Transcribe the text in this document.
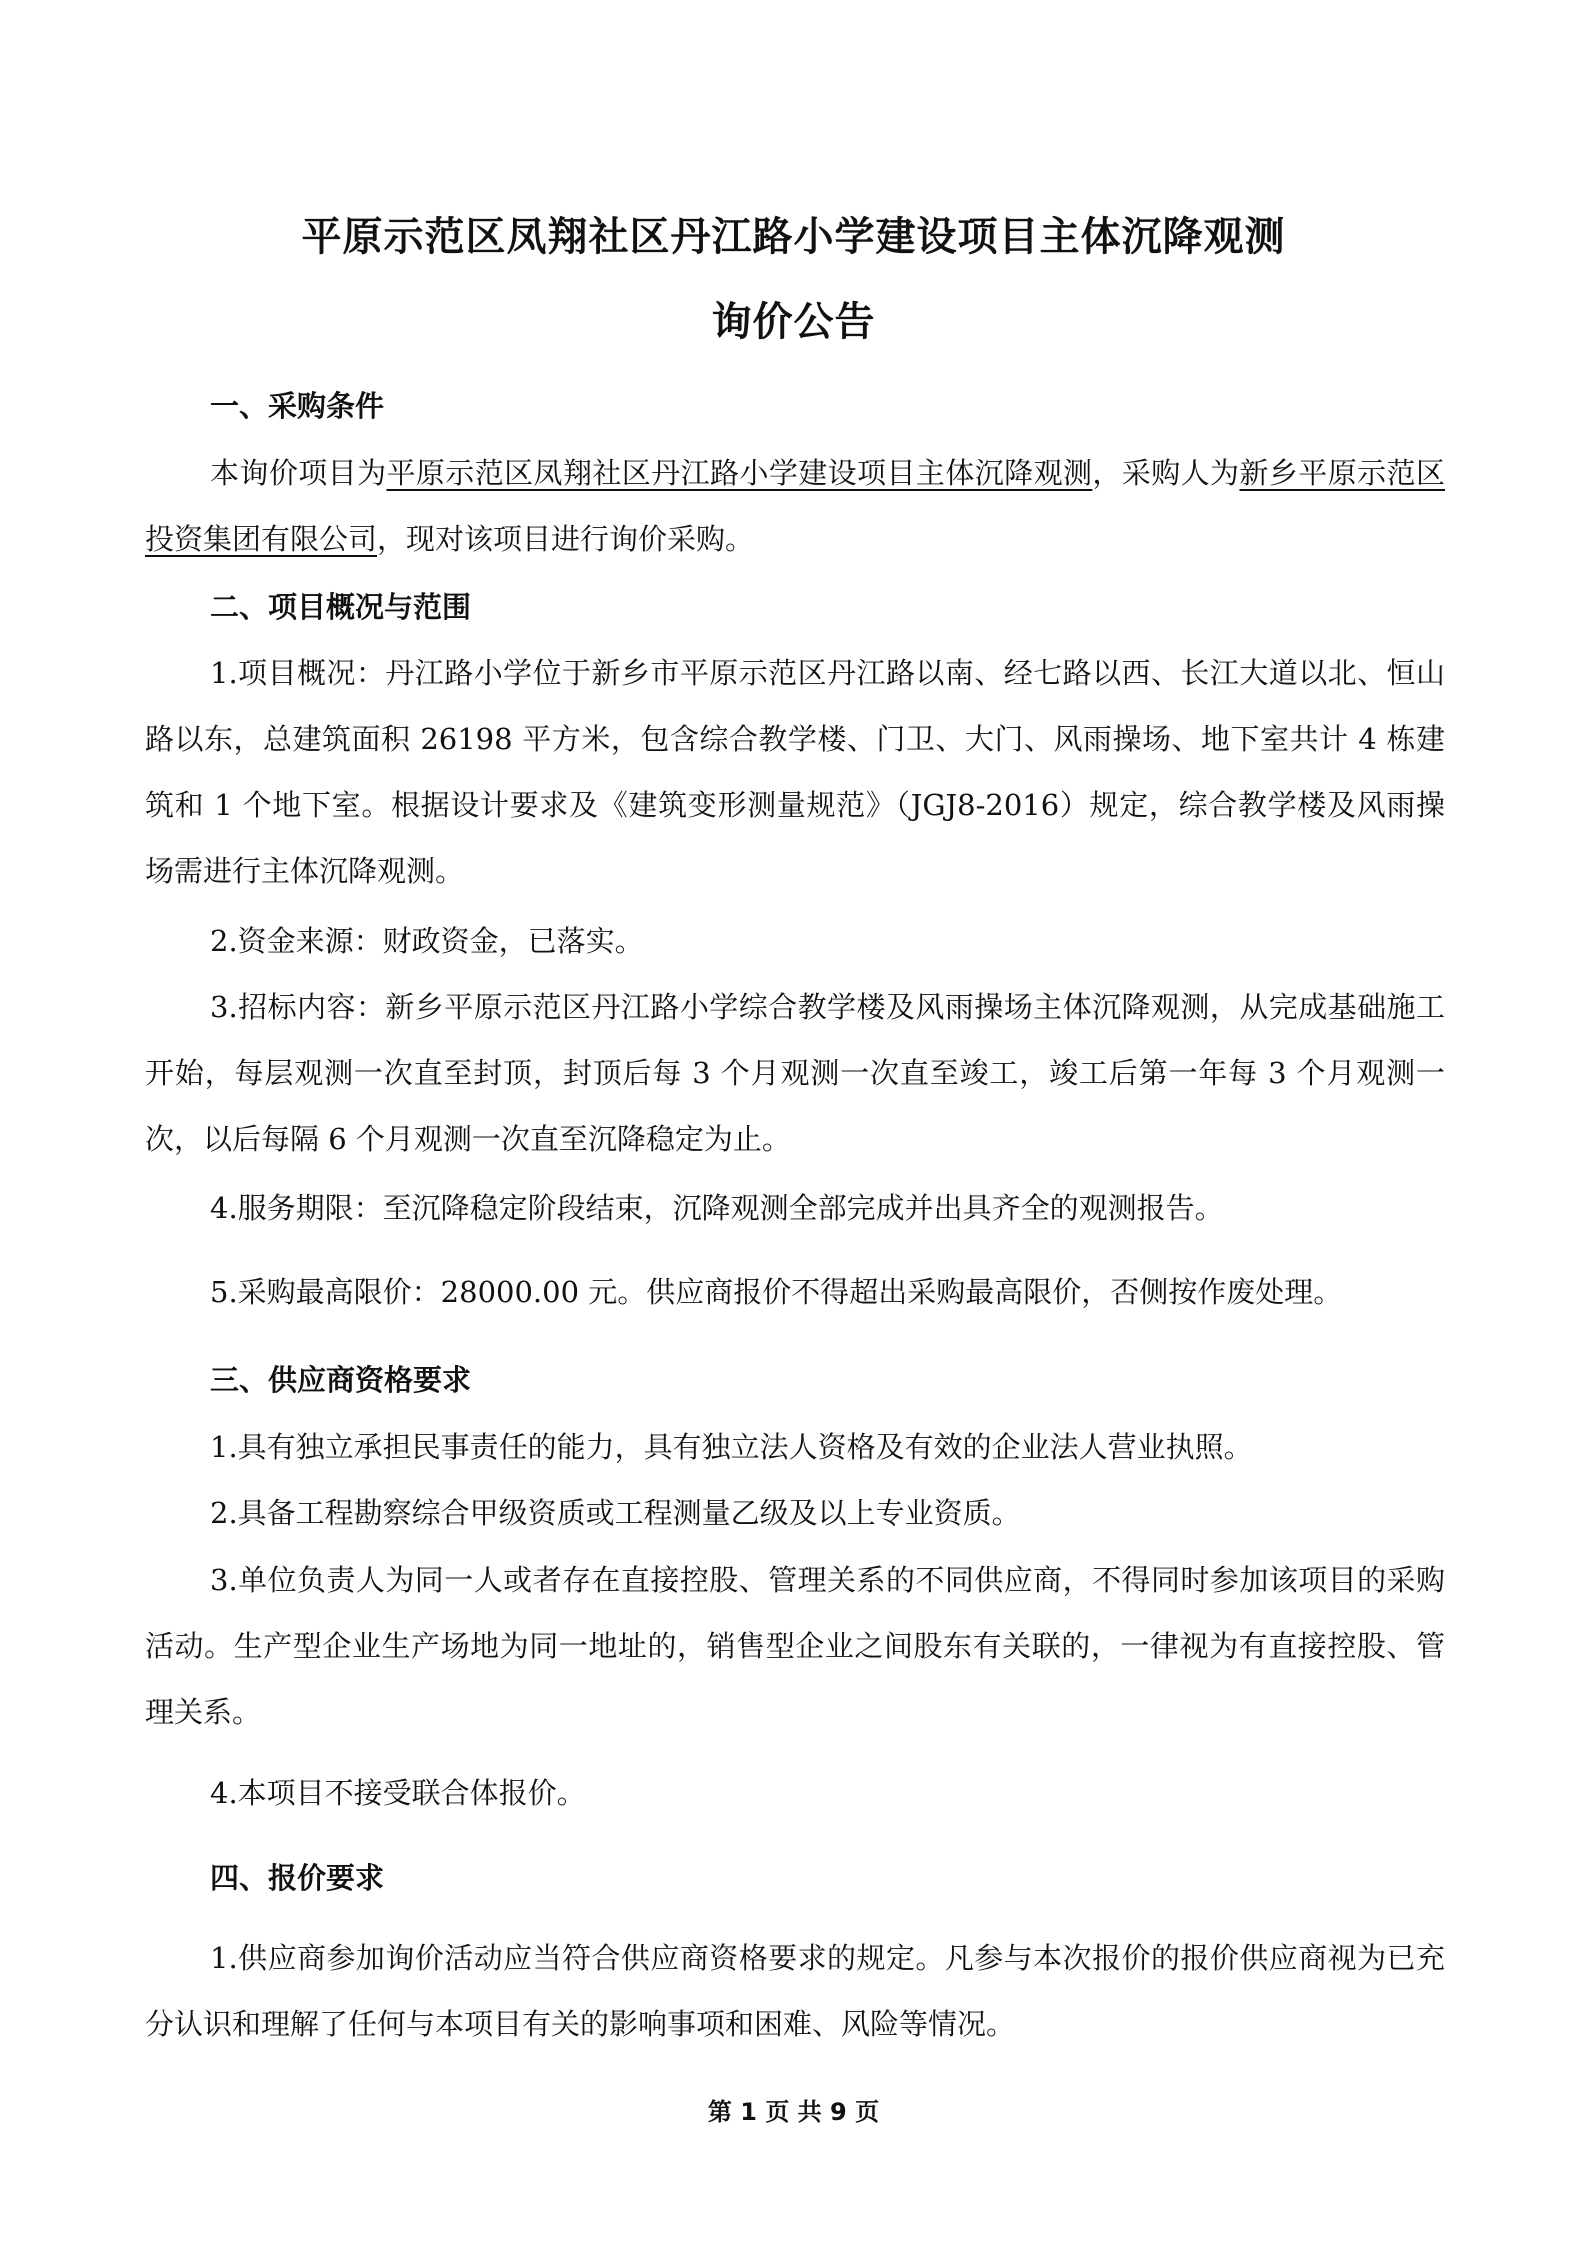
平原示范区凤翔社区丹江路小学建设项目主体沉降观测
询价公告
一、采购条件

本询价项目为平原示范区凤翔社区丹江路小学建设项目主体沉降观测，采购人为新乡平原示范区投资集团有限公司，现对该项目进行询价采购。

二、项目概况与范围

1.项目概况：丹江路小学位于新乡市平原示范区丹江路以南、经七路以西、长江大道以北、恒山路以东，总建筑面积 26198 平方米，包含综合教学楼、门卫、大门、风雨操场、地下室共计 4 栋建筑和 1 个地下室。根据设计要求及《建筑变形测量规范》（JGJ8-2016）规定，综合教学楼及风雨操场需进行主体沉降观测。

2.资金来源：财政资金，已落实。

3.招标内容：新乡平原示范区丹江路小学综合教学楼及风雨操场主体沉降观测，从完成基础施工开始，每层观测一次直至封顶，封顶后每 3 个月观测一次直至竣工，竣工后第一年每 3 个月观测一次，以后每隔 6 个月观测一次直至沉降稳定为止。

4.服务期限：至沉降稳定阶段结束，沉降观测全部完成并出具齐全的观测报告。

5.采购最高限价：28000.00 元。供应商报价不得超出采购最高限价，否侧按作废处理。

三、供应商资格要求

1.具有独立承担民事责任的能力，具有独立法人资格及有效的企业法人营业执照。

2.具备工程勘察综合甲级资质或工程测量乙级及以上专业资质。

3.单位负责人为同一人或者存在直接控股、管理关系的不同供应商，不得同时参加该项目的采购活动。生产型企业生产场地为同一地址的，销售型企业之间股东有关联的，一律视为有直接控股、管理关系。

4.本项目不接受联合体报价。

四、报价要求

1.供应商参加询价活动应当符合供应商资格要求的规定。凡参与本次报价的报价供应商视为已充分认识和理解了任何与本项目有关的影响事项和困难、风险等情况。

第 1 页 共 9 页
